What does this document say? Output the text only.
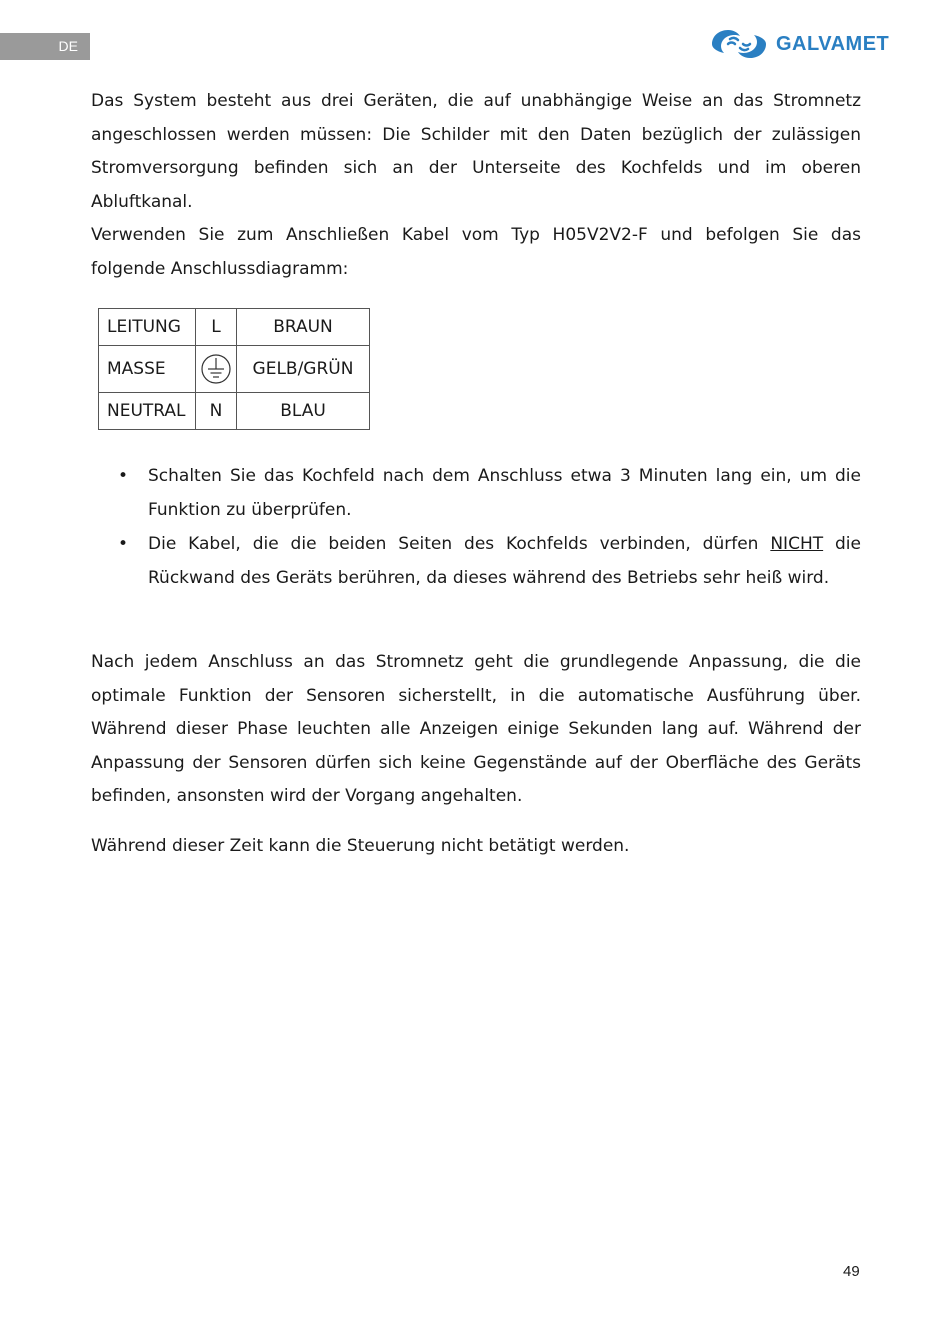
DE	GALVAMET

Das System besteht aus drei Geräten, die auf unabhängige Weise an das Stromnetz angeschlossen werden müssen: Die Schilder mit den Daten bezüglich der zulässigen Stromversorgung befinden sich an der Unterseite des Kochfelds und im oberen Abluftkanal.

Verwenden Sie zum Anschließen Kabel vom Typ H05V2V2-F und befolgen Sie das folgende Anschlussdiagramm:

LEITUNG	L	BRAUN
MASSE		GELB/GRÜN
NEUTRAL	N	BLAU
• Schalten Sie das Kochfeld nach dem Anschluss etwa 3 Minuten lang ein, um die Funktion zu überprüfen.
• Die Kabel, die die beiden Seiten des Kochfelds verbinden, dürfen NICHT die Rückwand des Geräts berühren, da dieses während des Betriebs sehr heiß wird.

Nach jedem Anschluss an das Stromnetz geht die grundlegende Anpassung, die die optimale Funktion der Sensoren sicherstellt, in die automatische Ausführung über. Während dieser Phase leuchten alle Anzeigen einige Sekunden lang auf. Während der Anpassung der Sensoren dürfen sich keine Gegenstände auf der Oberfläche des Geräts befinden, ansonsten wird der Vorgang angehalten.

Während dieser Zeit kann die Steuerung nicht betätigt werden.

49
